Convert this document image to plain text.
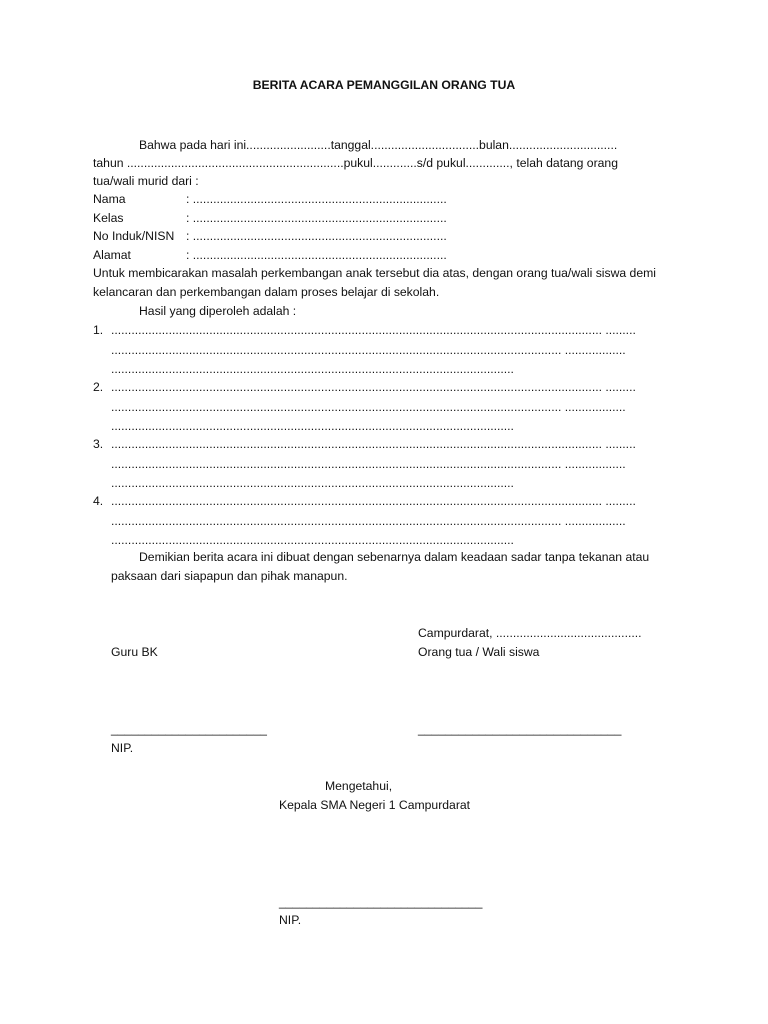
BERITA ACARA PEMANGGILAN ORANG TUA
Bahwa pada hari ini.........................tanggal................................bulan................................
tahun ................................................................pukul.............s/d pukul............., telah datang orang
tua/wali murid dari :
Nama	: ...........................................................................
Kelas	: ...........................................................................
No Induk/NISN : ...........................................................................
Alamat	: ...........................................................................
Untuk membicarakan masalah perkembangan anak tersebut dia atas, dengan orang tua/wali siswa demi
kelancaran dan perkembangan dalam proses belajar di sekolah.
Hasil yang diperoleh adalah :
1. ................................................................................................................................................. .........
..................................................................................................................................... ..................
.......................................................................................................................
2. ................................................................................................................................................. .........
..................................................................................................................................... ..................
.......................................................................................................................
3. ................................................................................................................................................. .........
..................................................................................................................................... ..................
.......................................................................................................................
4. ................................................................................................................................................. .........
..................................................................................................................................... ..................
.......................................................................................................................
Demikian berita acara ini dibuat dengan sebenarnya dalam keadaan sadar tanpa tekanan atau
paksaan dari siapapun dan pihak manapun.
Campurdarat, ...........................................
Guru BK	Orang tua / Wali siswa
_______________________	______________________________
NIP.
Mengetahui,
Kepala SMA Negeri 1 Campurdarat
______________________________
NIP.
